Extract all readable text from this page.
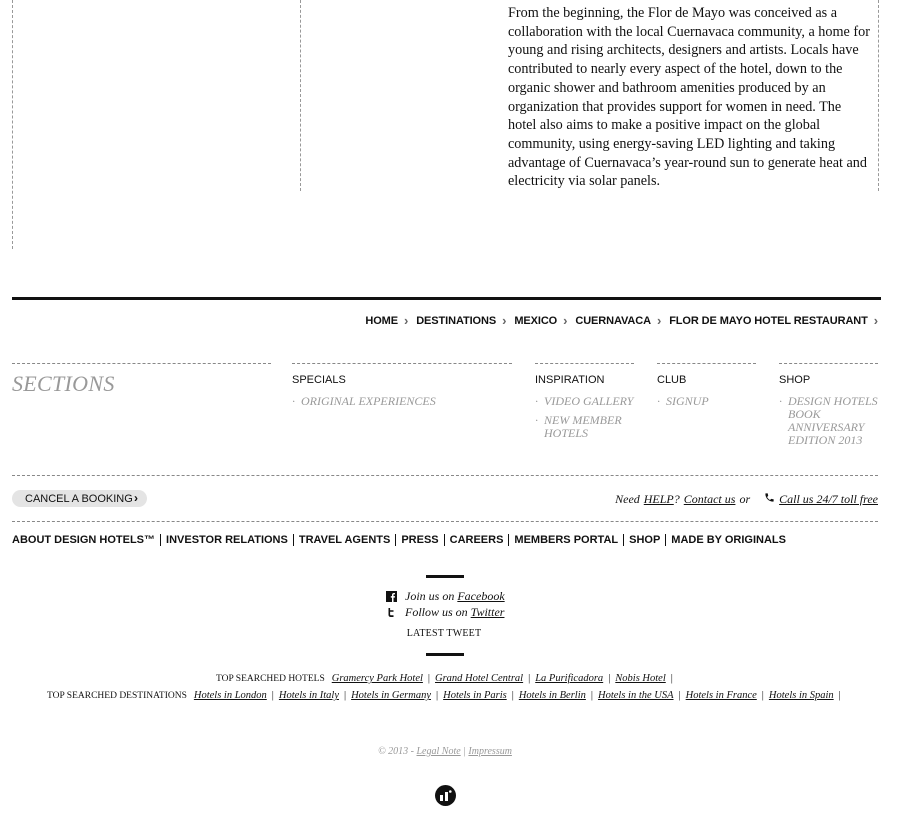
From the beginning, the Flor de Mayo was conceived as a collaboration with the local Cuernavaca community, a home for young and rising architects, designers and artists. Locals have contributed to nearly every aspect of the hotel, down to the organic shower and bathroom amenities produced by an organization that provides support for women in need. The hotel also aims to make a positive impact on the global community, using energy-saving LED lighting and taking advantage of Cuernavaca’s year-round sun to generate heat and electricity via solar panels.
HOME › DESTINATIONS › MEXICO › CUERNAVACA › FLOR DE MAYO HOTEL RESTAURANT ›
SECTIONS	SPECIALS
· ORIGINAL EXPERIENCES
INSPIRATION
· VIDEO GALLERY
· NEW MEMBER HOTELS
CLUB
· SIGNUP
SHOP
· DESIGN HOTELS BOOK ANNIVERSARY EDITION 2013
CANCEL A BOOKING ›	Need HELP? Contact us or Call us 24/7 toll free
ABOUT DESIGN HOTELS™ INVESTOR RELATIONS TRAVEL AGENTS PRESS CAREERS MEMBERS PORTAL SHOP MADE BY ORIGINALS
Join us on Facebook
Follow us on Twitter
LATEST TWEET
TOP SEARCHED HOTELS Gramercy Park Hotel | Grand Hotel Central | La Purificadora | Nobis Hotel |
TOP SEARCHED DESTINATIONS Hotels in London | Hotels in Italy | Hotels in Germany | Hotels in Paris | Hotels in Berlin | Hotels in the USA | Hotels in France | Hotels in Spain |
© 2013 - Legal Note | Impressum
